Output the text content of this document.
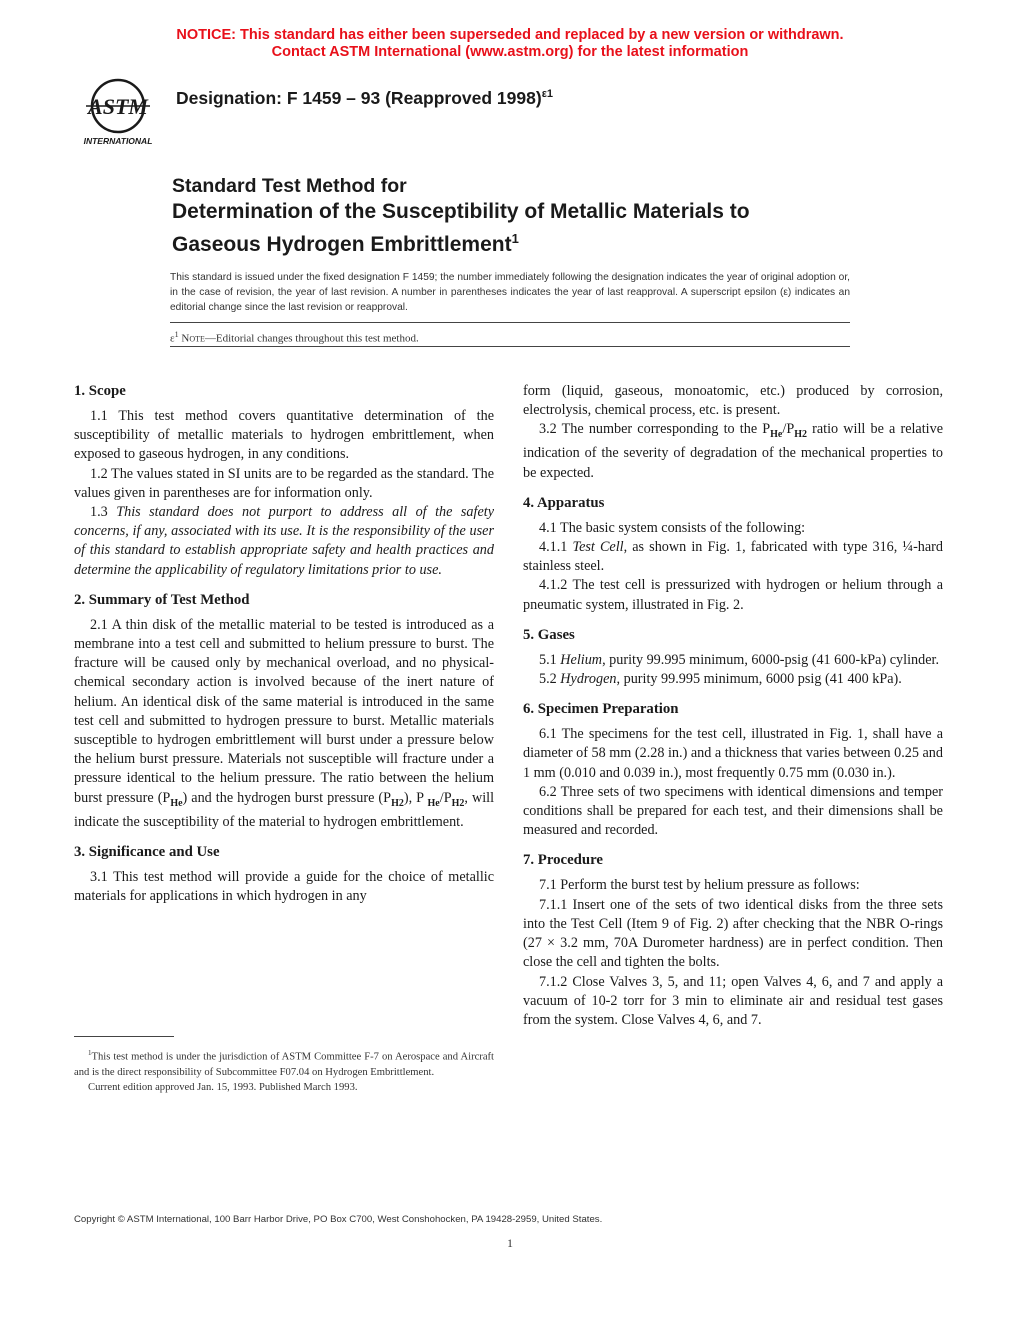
NOTICE: This standard has either been superseded and replaced by a new version or withdrawn.
Contact ASTM International (www.astm.org) for the latest information
ASTM
INTERNATIONAL
Designation: F 1459 – 93 (Reapproved 1998)$^{\varepsilon 1}$
Standard Test Method for
Determination of the Susceptibility of Metallic Materials to
Gaseous Hydrogen Embrittlement$^1$
This standard is issued under the fixed designation F 1459; the number immediately following the designation indicates the year of original adoption or, in the case of revision, the year of last revision. A number in parentheses indicates the year of last reapproval. A superscript epsilon (ε) indicates an editorial change since the last revision or reapproval.
$\varepsilon^1$ Note—Editorial changes throughout this test method.
1. Scope

1.1 This test method covers quantitative determination of the susceptibility of metallic materials to hydrogen embrittlement, when exposed to gaseous hydrogen, in any conditions.

1.2 The values stated in SI units are to be regarded as the standard. The values given in parentheses are for information only.

1.3 This standard does not purport to address all of the safety concerns, if any, associated with its use. It is the responsibility of the user of this standard to establish appropriate safety and health practices and determine the applicability of regulatory limitations prior to use.

2. Summary of Test Method

2.1 A thin disk of the metallic material to be tested is introduced as a membrane into a test cell and submitted to helium pressure to burst. The fracture will be caused only by mechanical overload, and no physical-chemical secondary action is involved because of the inert nature of helium. An identical disk of the same material is introduced in the same test cell and submitted to hydrogen pressure to burst. Metallic materials susceptible to hydrogen embrittlement will burst under a pressure below the helium burst pressure. Materials not susceptible will fracture under a pressure identical to the helium pressure. The ratio between the helium burst pressure $(P_{He})$ and the hydrogen burst pressure $(P_{H2})$, P $_{He}/P_{H2}$, will indicate the susceptibility of the material to hydrogen embrittlement.

3. Significance and Use

3.1 This test method will provide a guide for the choice of metallic materials for applications in which hydrogen in any

$^1$This test method is under the jurisdiction of ASTM Committee F-7 on Aerospace and Aircraft and is the direct responsibility of Subcommittee F07.04 on Hydrogen Embrittlement.

Current edition approved Jan. 15, 1993. Published March 1993.

form (liquid, gaseous, monoatomic, etc.) produced by corrosion, electrolysis, chemical process, etc. is present.

3.2 The number corresponding to the $P_{He}/P_{H2}$ ratio will be a relative indication of the severity of degradation of the mechanical properties to be expected.

4. Apparatus

4.1 The basic system consists of the following:

4.1.1 Test Cell, as shown in Fig. 1, fabricated with type 316, ¼-hard stainless steel.

4.1.2 The test cell is pressurized with hydrogen or helium through a pneumatic system, illustrated in Fig. 2.

5. Gases

5.1 Helium, purity 99.995 minimum, 6000-psig (41 600-kPa) cylinder.

5.2 Hydrogen, purity 99.995 minimum, 6000 psig (41 400 kPa).

6. Specimen Preparation

6.1 The specimens for the test cell, illustrated in Fig. 1, shall have a diameter of 58 mm (2.28 in.) and a thickness that varies between 0.25 and 1 mm (0.010 and 0.039 in.), most frequently 0.75 mm (0.030 in.).

6.2 Three sets of two specimens with identical dimensions and temper conditions shall be prepared for each test, and their dimensions shall be measured and recorded.

7. Procedure

7.1 Perform the burst test by helium pressure as follows:

7.1.1 Insert one of the sets of two identical disks from the three sets into the Test Cell (Item 9 of Fig. 2) after checking that the NBR O-rings (27 × 3.2 mm, 70A Durometer hardness) are in perfect condition. Then close the cell and tighten the bolts.

7.1.2 Close Valves 3, 5, and 11; open Valves 4, 6, and 7 and apply a vacuum of 10-2 torr for 3 min to eliminate air and residual test gases from the system. Close Valves 4, 6, and 7.

Copyright © ASTM International, 100 Barr Harbor Drive, PO Box C700, West Conshohocken, PA 19428-2959, United States.
1
